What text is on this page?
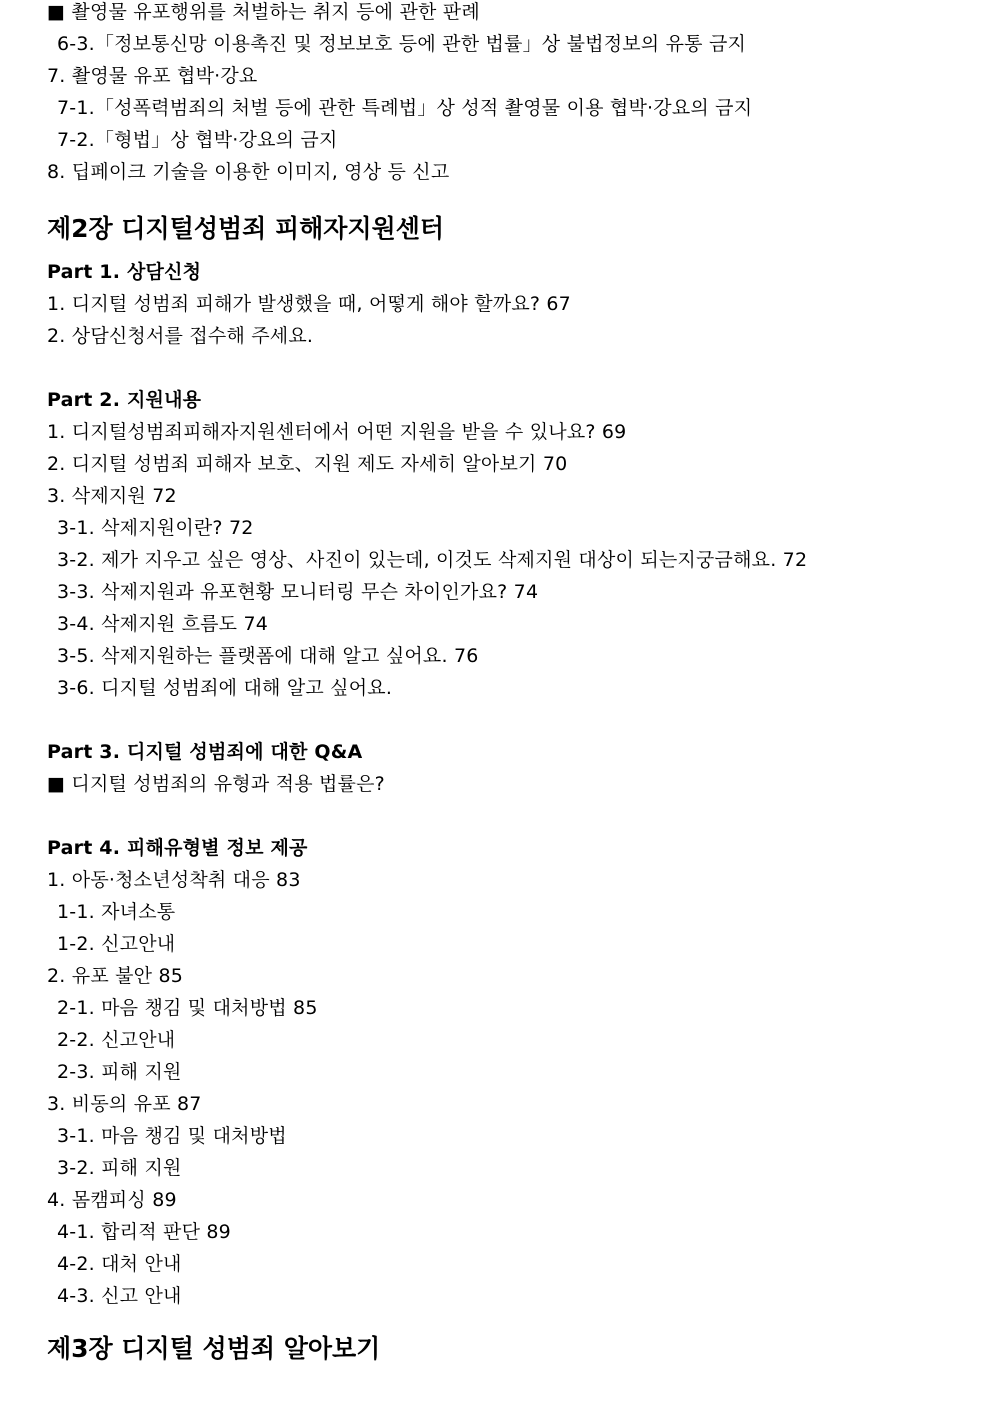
■ 촬영물 유포행위를 처벌하는 취지 등에 관한 판례
6-3.「정보통신망 이용촉진 및 정보보호 등에 관한 법률」상 불법정보의 유통 금지
7. 촬영물 유포 협박·강요
7-1.「성폭력범죄의 처벌 등에 관한 특례법」상 성적 촬영물 이용 협박·강요의 금지
7-2.「형법」상 협박·강요의 금지
8. 딥페이크 기술을 이용한 이미지, 영상 등 신고
제2장 디지털성범죄 피해자지원센터
Part 1. 상담신청
1. 디지털 성범죄 피해가 발생했을 때, 어떻게 해야 할까요? 67
2. 상담신청서를 접수해 주세요.
Part 2. 지원내용
1. 디지털성범죄피해자지원센터에서 어떤 지원을 받을 수 있나요? 69
2. 디지털 성범죄 피해자 보호、지원 제도 자세히 알아보기 70
3. 삭제지원 72
3-1. 삭제지원이란? 72
3-2. 제가 지우고 싶은 영상、사진이 있는데, 이것도 삭제지원 대상이 되는지궁금해요. 72
3-3. 삭제지원과 유포현황 모니터링 무슨 차이인가요? 74
3-4. 삭제지원 흐름도 74
3-5. 삭제지원하는 플랫폼에 대해 알고 싶어요. 76
3-6. 디지털 성범죄에 대해 알고 싶어요.
Part 3. 디지털 성범죄에 대한 Q&A
■ 디지털 성범죄의 유형과 적용 법률은?
Part 4. 피해유형별 정보 제공
1. 아동·청소년성착취 대응 83
1-1. 자녀소통
1-2. 신고안내
2. 유포 불안 85
2-1. 마음 챙김 및 대처방법 85
2-2. 신고안내
2-3. 피해 지원
3. 비동의 유포 87
3-1. 마음 챙김 및 대처방법
3-2. 피해 지원
4. 몸캠피싱 89
4-1. 합리적 판단 89
4-2. 대처 안내
4-3. 신고 안내
제3장 디지털 성범죄 알아보기
